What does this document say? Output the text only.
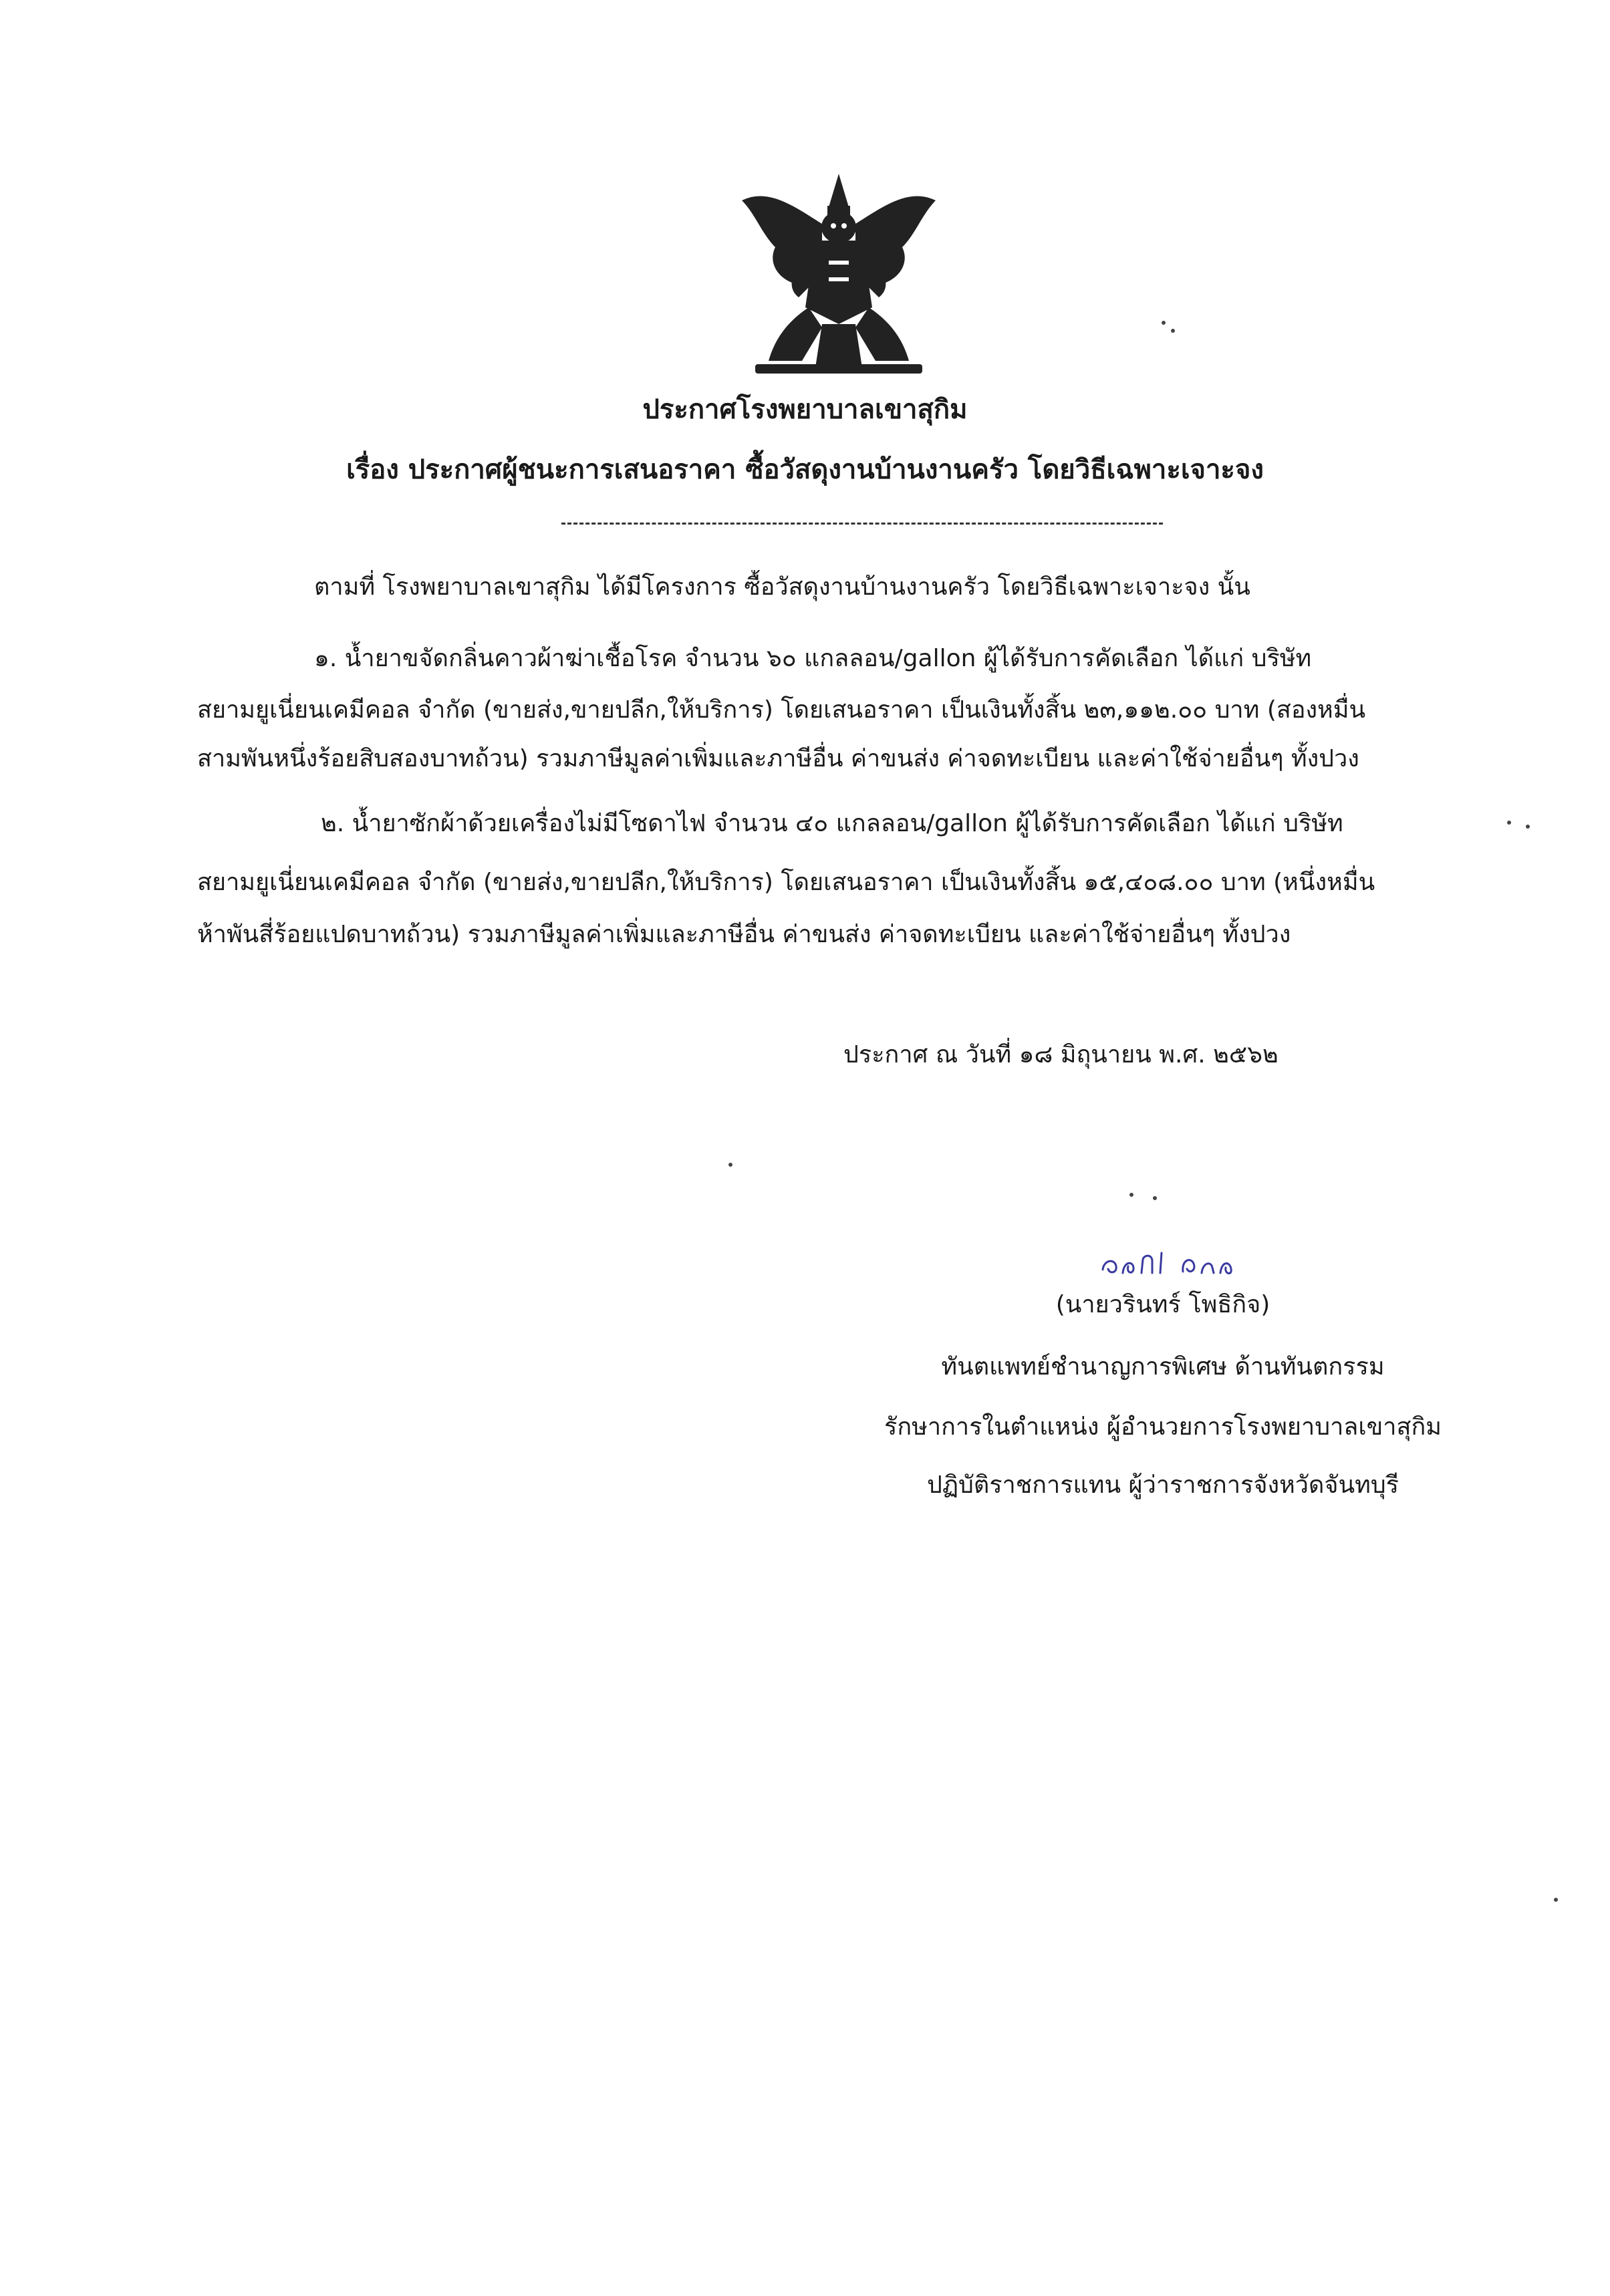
ประกาศโรงพยาบาลเขาสุกิม
เรื่อง ประกาศผู้ชนะการเสนอราคา ซื้อวัสดุงานบ้านงานครัว โดยวิธีเฉพาะเจาะจง
ตามที่ โรงพยาบาลเขาสุกิม ได้มีโครงการ ซื้อวัสดุงานบ้านงานครัว โดยวิธีเฉพาะเจาะจง นั้น
๑. น้ำยาขจัดกลิ่นคาวผ้าฆ่าเชื้อโรค จำนวน ๖๐ แกลลอน/gallon ผู้ได้รับการคัดเลือก ได้แก่ บริษัท
สยามยูเนี่ยนเคมีคอล จำกัด (ขายส่ง,ขายปลีก,ให้บริการ) โดยเสนอราคา เป็นเงินทั้งสิ้น ๒๓,๑๑๒.๐๐ บาท (สองหมื่น
สามพันหนึ่งร้อยสิบสองบาทถ้วน) รวมภาษีมูลค่าเพิ่มและภาษีอื่น ค่าขนส่ง ค่าจดทะเบียน และค่าใช้จ่ายอื่นๆ ทั้งปวง
๒. น้ำยาซักผ้าด้วยเครื่องไม่มีโซดาไฟ จำนวน ๔๐ แกลลอน/gallon ผู้ได้รับการคัดเลือก ได้แก่ บริษัท
สยามยูเนี่ยนเคมีคอล จำกัด (ขายส่ง,ขายปลีก,ให้บริการ) โดยเสนอราคา เป็นเงินทั้งสิ้น ๑๕,๔๐๘.๐๐ บาท (หนึ่งหมื่น
ห้าพันสี่ร้อยแปดบาทถ้วน) รวมภาษีมูลค่าเพิ่มและภาษีอื่น ค่าขนส่ง ค่าจดทะเบียน และค่าใช้จ่ายอื่นๆ ทั้งปวง
ประกาศ ณ วันที่ ๑๘ มิถุนายน พ.ศ. ๒๕๖๒
(นายวรินทร์ โพธิกิจ)
ทันตแพทย์ชำนาญการพิเศษ ด้านทันตกรรม
รักษาการในตำแหน่ง ผู้อำนวยการโรงพยาบาลเขาสุกิม
ปฏิบัติราชการแทน ผู้ว่าราชการจังหวัดจันทบุรี
